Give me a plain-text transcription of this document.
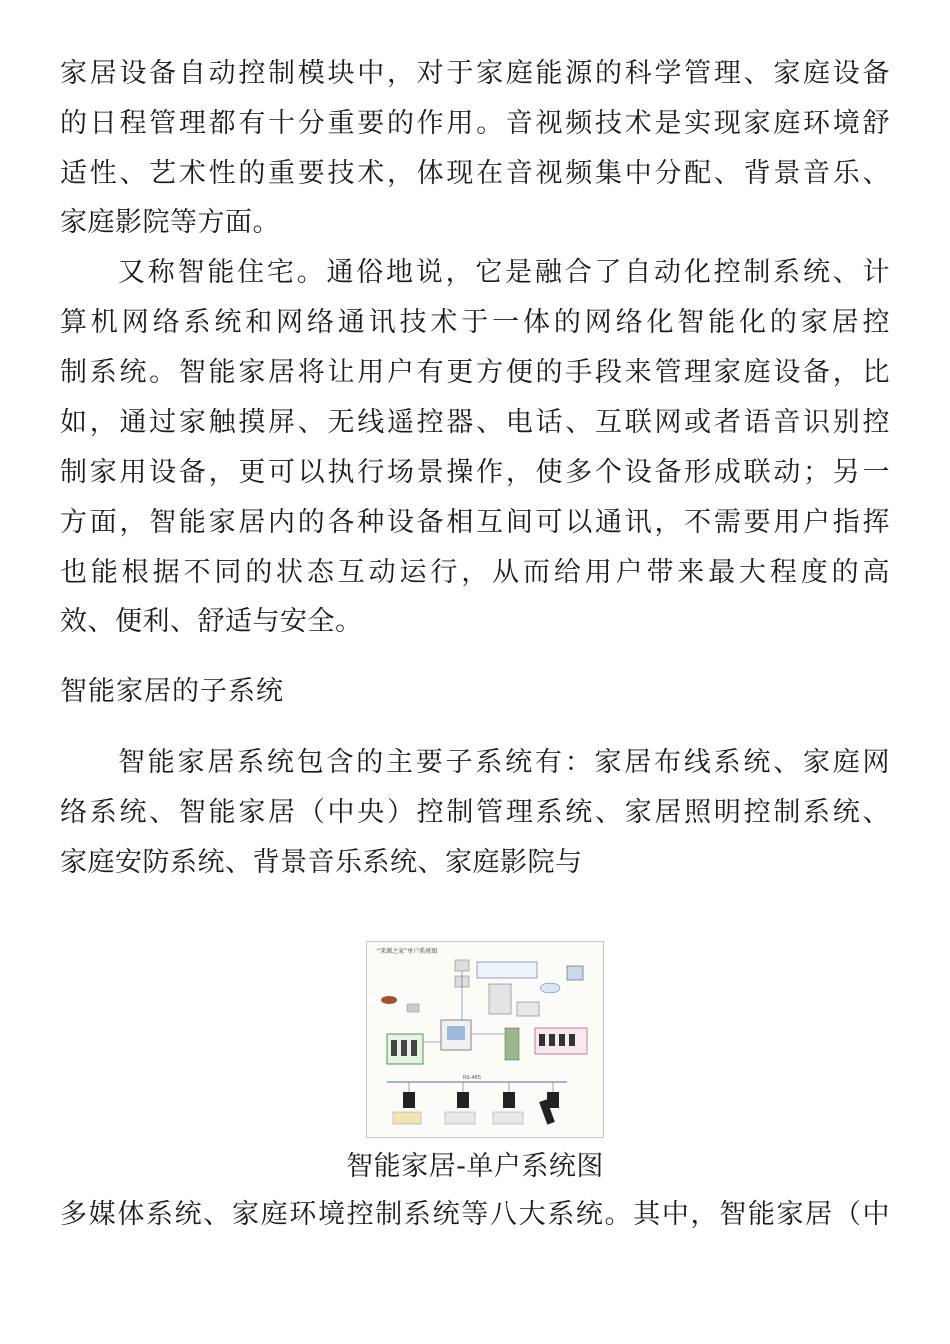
家居设备自动控制模块中，对于家庭能源的科学管理、家庭设备
的日程管理都有十分重要的作用。音视频技术是实现家庭环境舒
适性、艺术性的重要技术，体现在音视频集中分配、背景音乐、
家庭影院等方面。
又称智能住宅。通俗地说，它是融合了自动化控制系统、计
算机网络系统和网络通讯技术于一体的网络化智能化的家居控
制系统。智能家居将让用户有更方便的手段来管理家庭设备，比
如，通过家触摸屏、无线遥控器、电话、互联网或者语音识别控
制家用设备，更可以执行场景操作，使多个设备形成联动；另一
方面，智能家居内的各种设备相互间可以通讯，不需要用户指挥
也能根据不同的状态互动运行，从而给用户带来最大程度的高
效、便利、舒适与安全。
智能家居的子系统
智能家居系统包含的主要子系统有：家居布线系统、家庭网
络系统、智能家居（中央）控制管理系统、家居照明控制系统、
家庭安防系统、背景音乐系统、家庭影院与
“来源之家”单户系统图
RS-485
智能家居-单户系统图
多媒体系统、家庭环境控制系统等八大系统。其中，智能家居（中
